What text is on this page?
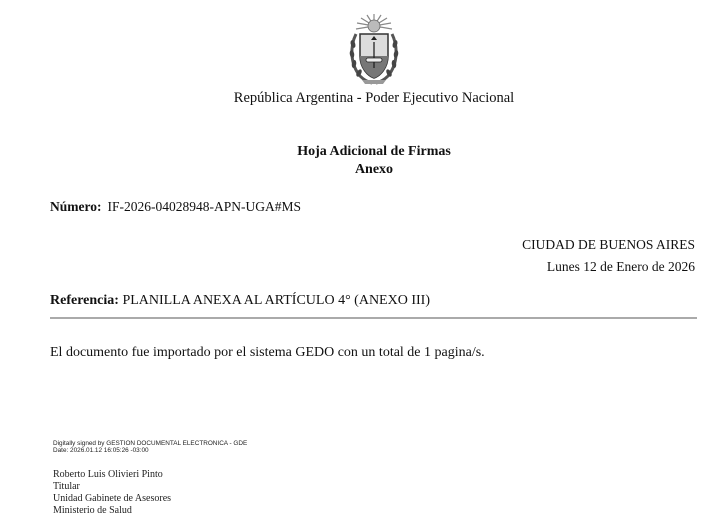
República Argentina - Poder Ejecutivo Nacional
Hoja Adicional de Firmas
Anexo
Número: IF-2026-04028948-APN-UGA#MS
CIUDAD DE BUENOS AIRES
Lunes 12 de Enero de 2026
Referencia: PLANILLA ANEXA AL ARTÍCULO 4° (ANEXO III)
El documento fue importado por el sistema GEDO con un total de 1 pagina/s.
Digitally signed by GESTION DOCUMENTAL ELECTRONICA - GDE
Date: 2026.01.12 16:05:26 -03:00
Roberto Luis Olivieri Pinto
Titular
Unidad Gabinete de Asesores
Ministerio de Salud
